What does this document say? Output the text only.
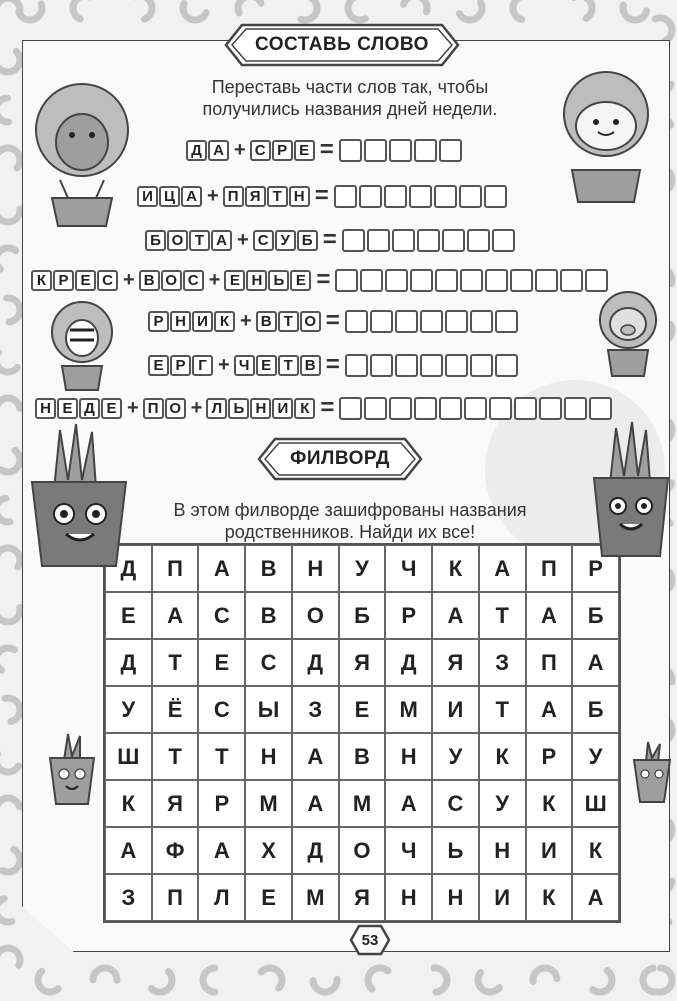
СОСТАВЬ СЛОВО
Переставь части слов так, чтобы
получились названия дней недели.
Д А + С Р Е =
И Ц А + П Я Т Н =
Б О Т А + С У Б =
К Р Е С + В О С + Е Н Ь Е =
Р Н И К + В Т О =
Е Р Г + Ч Е Т В =
Н Е Д Е + П О + Л Ь Н И К =
ФИЛВОРД
В этом филворде зашифрованы названия
родственников. Найди их все!
Д	П	А	В	Н	У	Ч	К	А	П	Р
Е	А	С	В	О	Б	Р	А	Т	А	Б
Д	Т	Е	С	Д	Я	Д	Я	З	П	А
У	Ё	С	Ы	З	Е	М	И	Т	А	Б
Ш	Т	Т	Н	А	В	Н	У	К	Р	У
К	Я	Р	М	А	М	А	С	У	К	Ш
А	Ф	А	Х	Д	О	Ч	Ь	Н	И	К
З	П	Л	Е	М	Я	Н	Н	И	К	А
53
